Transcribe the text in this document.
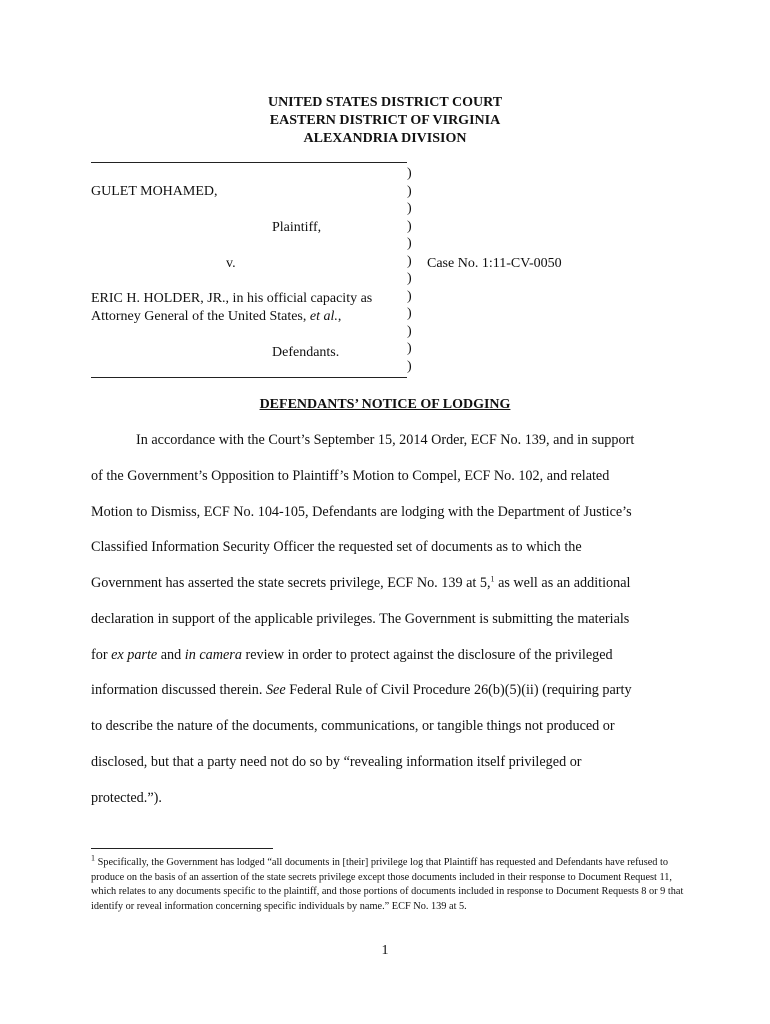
UNITED STATES DISTRICT COURT
EASTERN DISTRICT OF VIRGINIA
ALEXANDRIA DIVISION
GULET MOHAMED,
Plaintiff,
v.
ERIC H. HOLDER, JR., in his official capacity as
Attorney General of the United States, et al.,
Defendants.
)
)
)
)
)
)
)
)
)
)
)
)
Case No. 1:11-CV-0050
DEFENDANTS’ NOTICE OF LODGING
In accordance with the Court’s September 15, 2014 Order, ECF No. 139, and in support
of the Government’s Opposition to Plaintiff’s Motion to Compel, ECF No. 102, and related
Motion to Dismiss, ECF No. 104-105, Defendants are lodging with the Department of Justice’s
Classified Information Security Officer the requested set of documents as to which the
Government has asserted the state secrets privilege, ECF No. 139 at 5,$^1$ as well as an additional
declaration in support of the applicable privileges. The Government is submitting the materials
for ex parte and in camera review in order to protect against the disclosure of the privileged
information discussed therein. See Federal Rule of Civil Procedure 26(b)(5)(ii) (requiring party
to describe the nature of the documents, communications, or tangible things not produced or
disclosed, but that a party need not do so by “revealing information itself privileged or
protected.”).
$^1$ Specifically, the Government has lodged “all documents in [their] privilege log that Plaintiff has requested and Defendants have refused to produce on the basis of an assertion of the state secrets privilege except those documents included in their response to Document Request 11, which relates to any documents specific to the plaintiff, and those portions of documents included in response to Document Requests 8 or 9 that identify or reveal information concerning specific individuals by name.” ECF No. 139 at 5.
1
